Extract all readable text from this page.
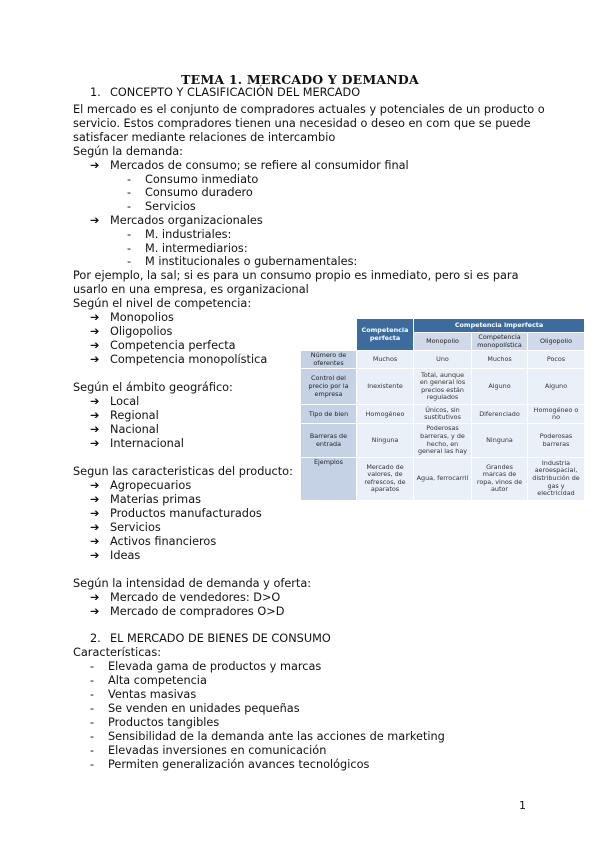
TEMA 1. MERCADO Y DEMANDA
1. CONCEPTO Y CLASIFICACIÓN DEL MERCADO
El mercado es el conjunto de compradores actuales y potenciales de un producto o
servicio. Estos compradores tienen una necesidad o deseo en com que se puede
satisfacer mediante relaciones de intercambio
Según la demanda:
➔ Mercados de consumo; se refiere al consumidor final
- Consumo inmediato
- Consumo duradero
- Servicios
➔ Mercados organizacionales
- M. industriales:
- M. intermediarios:
- M institucionales o gubernamentales:
Por ejemplo, la sal; si es para un consumo propio es inmediato, pero si es para
usarlo en una empresa, es organizacional
Según el nivel de competencia:
➔ Monopolios
➔ Oligopolios
➔ Competencia perfecta
➔ Competencia monopolística
Según el ámbito geográfico:
➔ Local
➔ Regional
➔ Nacional
➔ Internacional
Segun las caracteristicas del producto:
➔ Agropecuarios
➔ Materias primas
➔ Productos manufacturados
➔ Servicios
➔ Activos financieros
➔ Ideas
Según la intensidad de demanda y oferta:
➔ Mercado de vendedores: D>O
➔ Mercado de compradores O>D
2. EL MERCADO DE BIENES DE CONSUMO
Características:
- Elevada gama de productos y marcas
- Alta competencia
- Ventas masivas
- Se venden en unidades pequeñas
- Productos tangibles
- Sensibilidad de la demanda ante las acciones de marketing
- Elevadas inversiones en comunicación
- Permiten generalización avances tecnológicos
	Competencia perfecta	Competencia imperfecta		
		Monopolio	Competencia monopolística	Oligopolio
Número de oferentes	Muchos	Uno	Muchos	Pocos
Control del precio por la empresa	Inexistente	Total, aunque en general los precios están regulados	Alguno	Alguno
Tipo de bien	Homogéneo	Únicos, sin sustitutivos	Diferenciado	Homogéneo o no
Barreras de entrada	Ninguna	Poderosas barreras, y de hecho, en general las hay	Ninguna	Poderosas barreras
Ejemplos	Mercado de valores, de refrescos, de aparatos	Agua, ferrocarril	Grandes marcas de ropa, vinos de autor	Industria aeroespacial, distribución de gas y electricidad
1
